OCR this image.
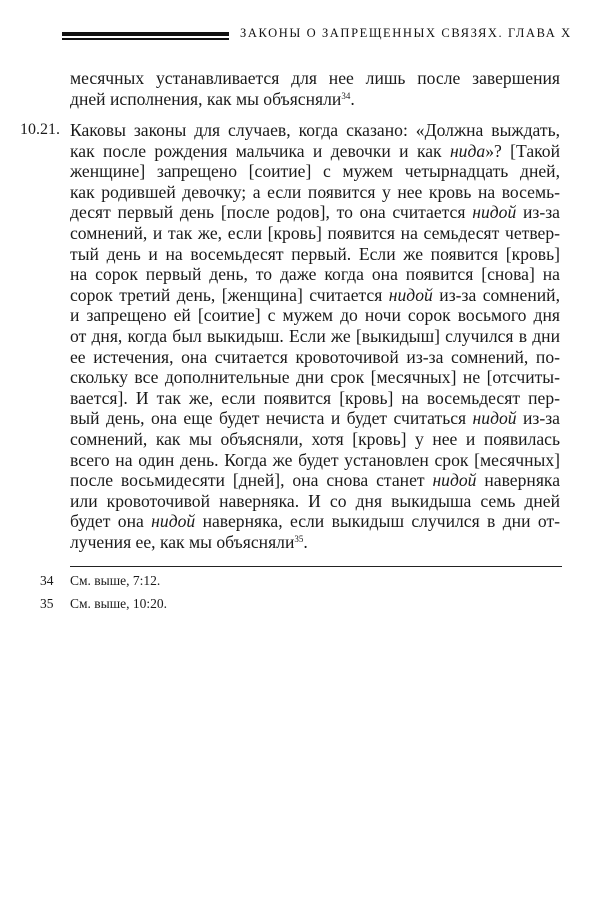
ЗАКОНЫ О ЗАПРЕЩЕННЫХ СВЯЗЯХ. ГЛАВА X
месячных устанавливается для нее лишь после завершения
дней исполнения, как мы объясняли$^{34}$.
10.21. Каковы законы для случаев, когда сказано: «Должна выждать,
как после рождения мальчика и девочки и как нида»? [Такой
женщине] запрещено [соитие] с мужем четырнадцать дней,
как родившей девочку; а если появится у нее кровь на восемь-
десят первый день [после родов], то она считается нидой из-за
сомнений, и так же, если [кровь] появится на семьдесят четвер-
тый день и на восемьдесят первый. Если же появится [кровь]
на сорок первый день, то даже когда она появится [снова] на
сорок третий день, [женщина] считается нидой из-за сомнений,
и запрещено ей [соитие] с мужем до ночи сорок восьмого дня
от дня, когда был выкидыш. Если же [выкидыш] случился в дни
ее истечения, она считается кровоточивой из-за сомнений, по-
скольку все дополнительные дни срок [месячных] не [отсчиты-
вается]. И так же, если появится [кровь] на восемьдесят пер-
вый день, она еще будет нечиста и будет считаться нидой из-за
сомнений, как мы объясняли, хотя [кровь] у нее и появилась
всего на один день. Когда же будет установлен срок [месячных]
после восьмидесяти [дней], она снова станет нидой наверняка
или кровоточивой наверняка. И со дня выкидыша семь дней
будет она нидой наверняка, если выкидыш случился в дни от-
лучения ее, как мы объясняли$^{35}$.
34 См. выше, 7:12.
35 См. выше, 10:20.
